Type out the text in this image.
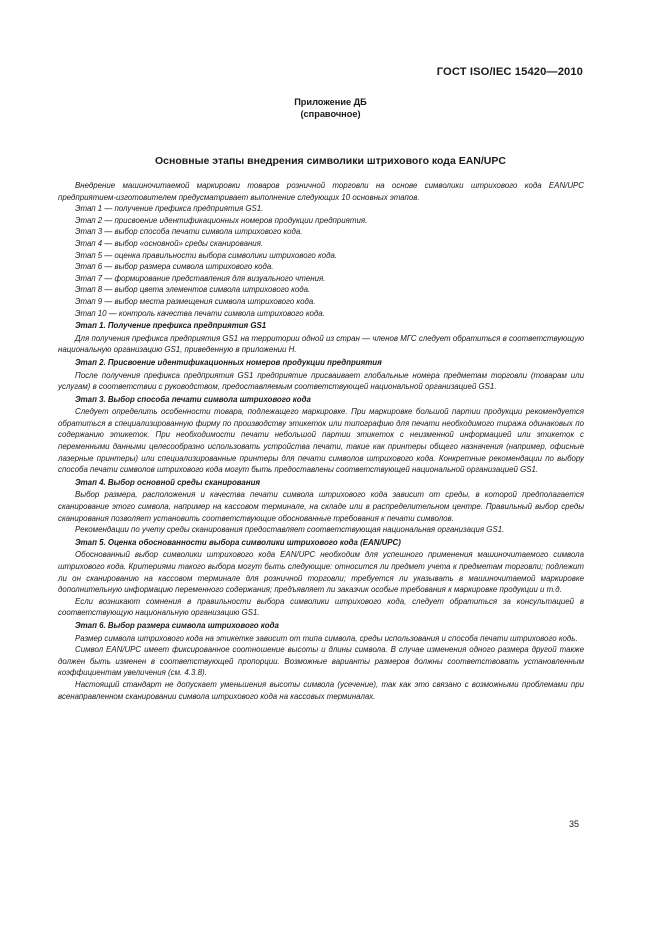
ГОСТ ISO/IEC 15420—2010
Приложение ДБ
(справочное)
Основные этапы внедрения символики штрихового кода EAN/UPC

Внедрение машиночитаемой маркировки товаров розничной торговли на основе символики штрихового кода EAN/UPC предприятием-изготовителем предусматривает выполнение следующих 10 основных этапов.

Этап 1 — получение префикса предприятия GS1.

Этап 2 — присвоение идентификационных номеров продукции предприятия.

Этап 3 — выбор способа печати символа штрихового кода.

Этап 4 — выбор «основной» среды сканирования.

Этап 5 — оценка правильности выбора символики штрихового кода.

Этап 6 — выбор размера символа штрихового кода.

Этап 7 — формирование представления для визуального чтения.

Этап 8 — выбор цвета элементов символа штрихового кода.

Этап 9 — выбор места размещения символа штрихового кода.

Этап 10 — контроль качества печати символа штрихового кода.

Этап 1. Получение префикса предприятия GS1

Для получения префикса предприятия GS1 на территории одной из стран — членов МГС следует обратиться в соответствующую национальную организацию GS1, приведенную в приложении Н.

Этап 2. Присвоение идентификационных номеров продукции предприятия

После получения префикса предприятия GS1 предприятие присваивает глобальные номера предметам торговли (товарам или услугам) в соответствии с руководством, предоставляемым соответствующей национальной организацией GS1.

Этап 3. Выбор способа печати символа штрихового кода

Следует определить особенности товара, подлежащего маркировке. При маркировке большой партии продукции рекомендуется обратиться в специализированную фирму по производству этикеток или типографию для печати необходимого тиража одинаковых по содержанию этикеток. При необходимости печати небольшой партии этикеток с неизменной информацией или этикеток с переменными данными целесообразно использовать устройства печати, такие как принтеры общего назначения (например, офисные лазерные принтеры) или специализированные принтеры для печати символов штрихового кода. Конкретные рекомендации по выбору способа печати символов штрихового кода могут быть предоставлены соответствующей национальной организацией GS1.

Этап 4. Выбор основной среды сканирования

Выбор размера, расположения и качества печати символа штрихового кода зависит от среды, в которой предполагается сканирование этого символа, например на кассовом терминале, на складе или в распределительном центре. Правильный выбор среды сканирования позволяет установить соответствующие обоснованные требования к печати символов.

Рекомендации по учету среды сканирования предоставляет соответствующая национальная организация GS1.

Этап 5. Оценка обоснованности выбора символики штрихового кода (EAN/UPC)

Обоснованный выбор символики штрихового кода EAN/UPC необходим для успешного применения машиночитаемого символа штрихового кода. Критериями такого выбора могут быть следующие: относится ли предмет учета к предметам торговли; подлежит ли он сканированию на кассовом терминале для розничной торговли; требуется ли указывать в машиночитаемой маркировке дополнительную информацию переменного содержания; предъявляет ли заказчик особые требования к маркировке продукции и т.д.

Если возникают сомнения в правильности выбора символики штрихового кода, следует обратиться за консультацией в соответствующую национальную организацию GS1.

Этап 6. Выбор размера символа штрихового кода

Размер символа штрихового кода на этикетке зависит от типа символа, среды использования и способа печати штрихового кодь.

Символ EAN/UPC имеет фиксированное соотношение высоты и длины символа. В случае изменения одного размера другой также должен быть изменен в соответствующей пропорции. Возможные варианты размеров должны соответствовать установленным коэффициентам увеличения (см. 4.3.8).

Настоящий стандарт не допускает уменьшения высоты символа (усечение), так как это связано с возможными проблемами при всенаправленном сканировании символа штрихового кода на кассовых терминалах.

35
